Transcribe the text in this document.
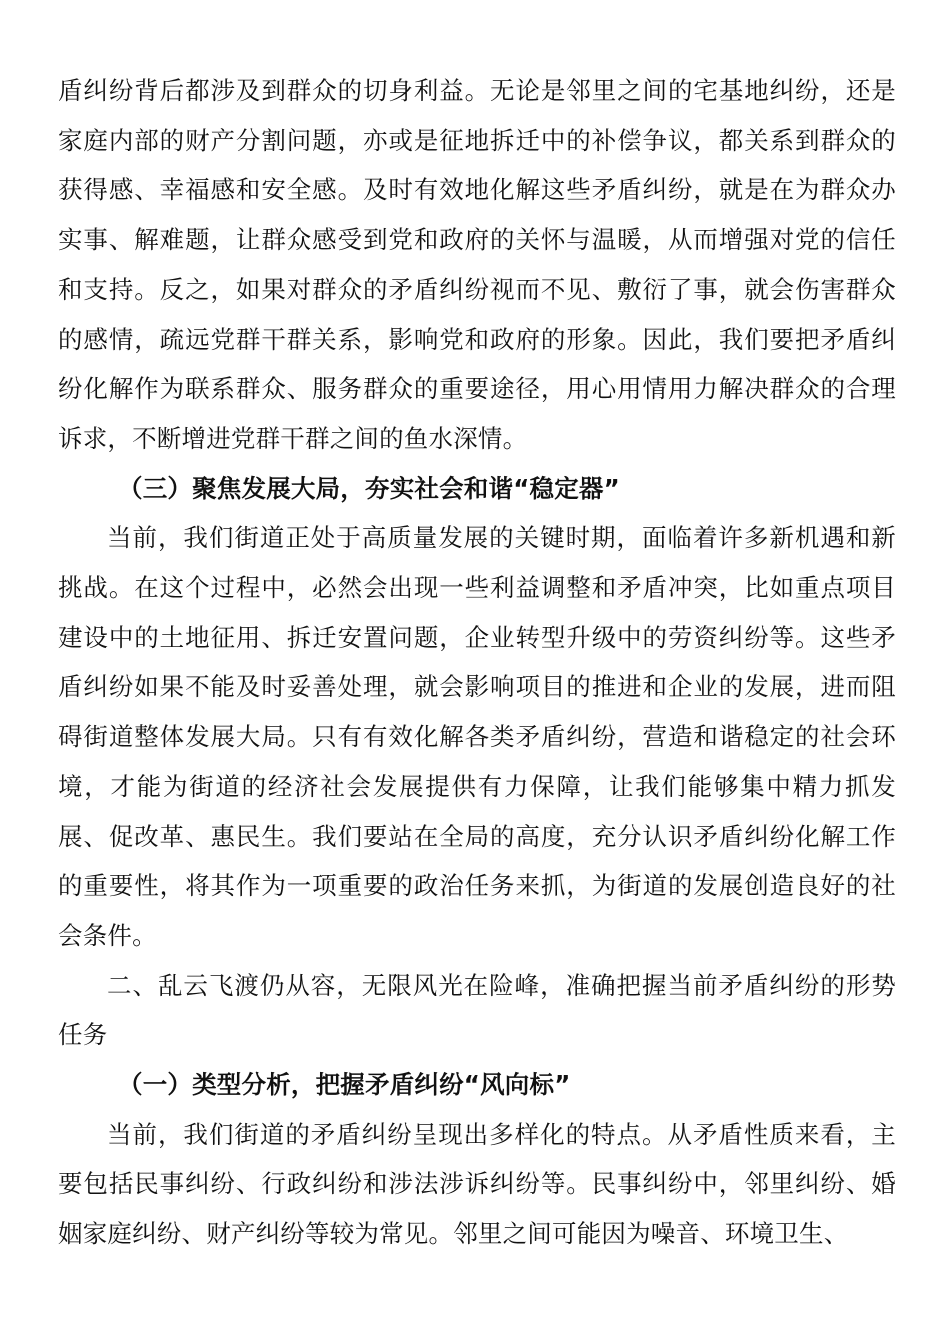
盾纠纷背后都涉及到群众的切身利益。无论是邻里之间的宅基地纠纷，还是家庭内部的财产分割问题，亦或是征地拆迁中的补偿争议，都关系到群众的获得感、幸福感和安全感。及时有效地化解这些矛盾纠纷，就是在为群众办实事、解难题，让群众感受到党和政府的关怀与温暖，从而增强对党的信任和支持。反之，如果对群众的矛盾纠纷视而不见、敷衍了事，就会伤害群众的感情，疏远党群干群关系，影响党和政府的形象。因此，我们要把矛盾纠纷化解作为联系群众、服务群众的重要途径，用心用情用力解决群众的合理诉求，不断增进党群干群之间的鱼水深情。

（三）聚焦发展大局，夯实社会和谐“稳定器”

当前，我们街道正处于高质量发展的关键时期，面临着许多新机遇和新挑战。在这个过程中，必然会出现一些利益调整和矛盾冲突，比如重点项目建设中的土地征用、拆迁安置问题，企业转型升级中的劳资纠纷等。这些矛盾纠纷如果不能及时妥善处理，就会影响项目的推进和企业的发展，进而阻碍街道整体发展大局。只有有效化解各类矛盾纠纷，营造和谐稳定的社会环境，才能为街道的经济社会发展提供有力保障，让我们能够集中精力抓发展、促改革、惠民生。我们要站在全局的高度，充分认识矛盾纠纷化解工作的重要性，将其作为一项重要的政治任务来抓，为街道的发展创造良好的社会条件。

二、乱云飞渡仍从容，无限风光在险峰，准确把握当前矛盾纠纷的形势任务

（一）类型分析，把握矛盾纠纷“风向标”

当前，我们街道的矛盾纠纷呈现出多样化的特点。从矛盾性质来看，主要包括民事纠纷、行政纠纷和涉法涉诉纠纷等。民事纠纷中，邻里纠纷、婚姻家庭纠纷、财产纠纷等较为常见。邻里之间可能因为噪音、环境卫生、
